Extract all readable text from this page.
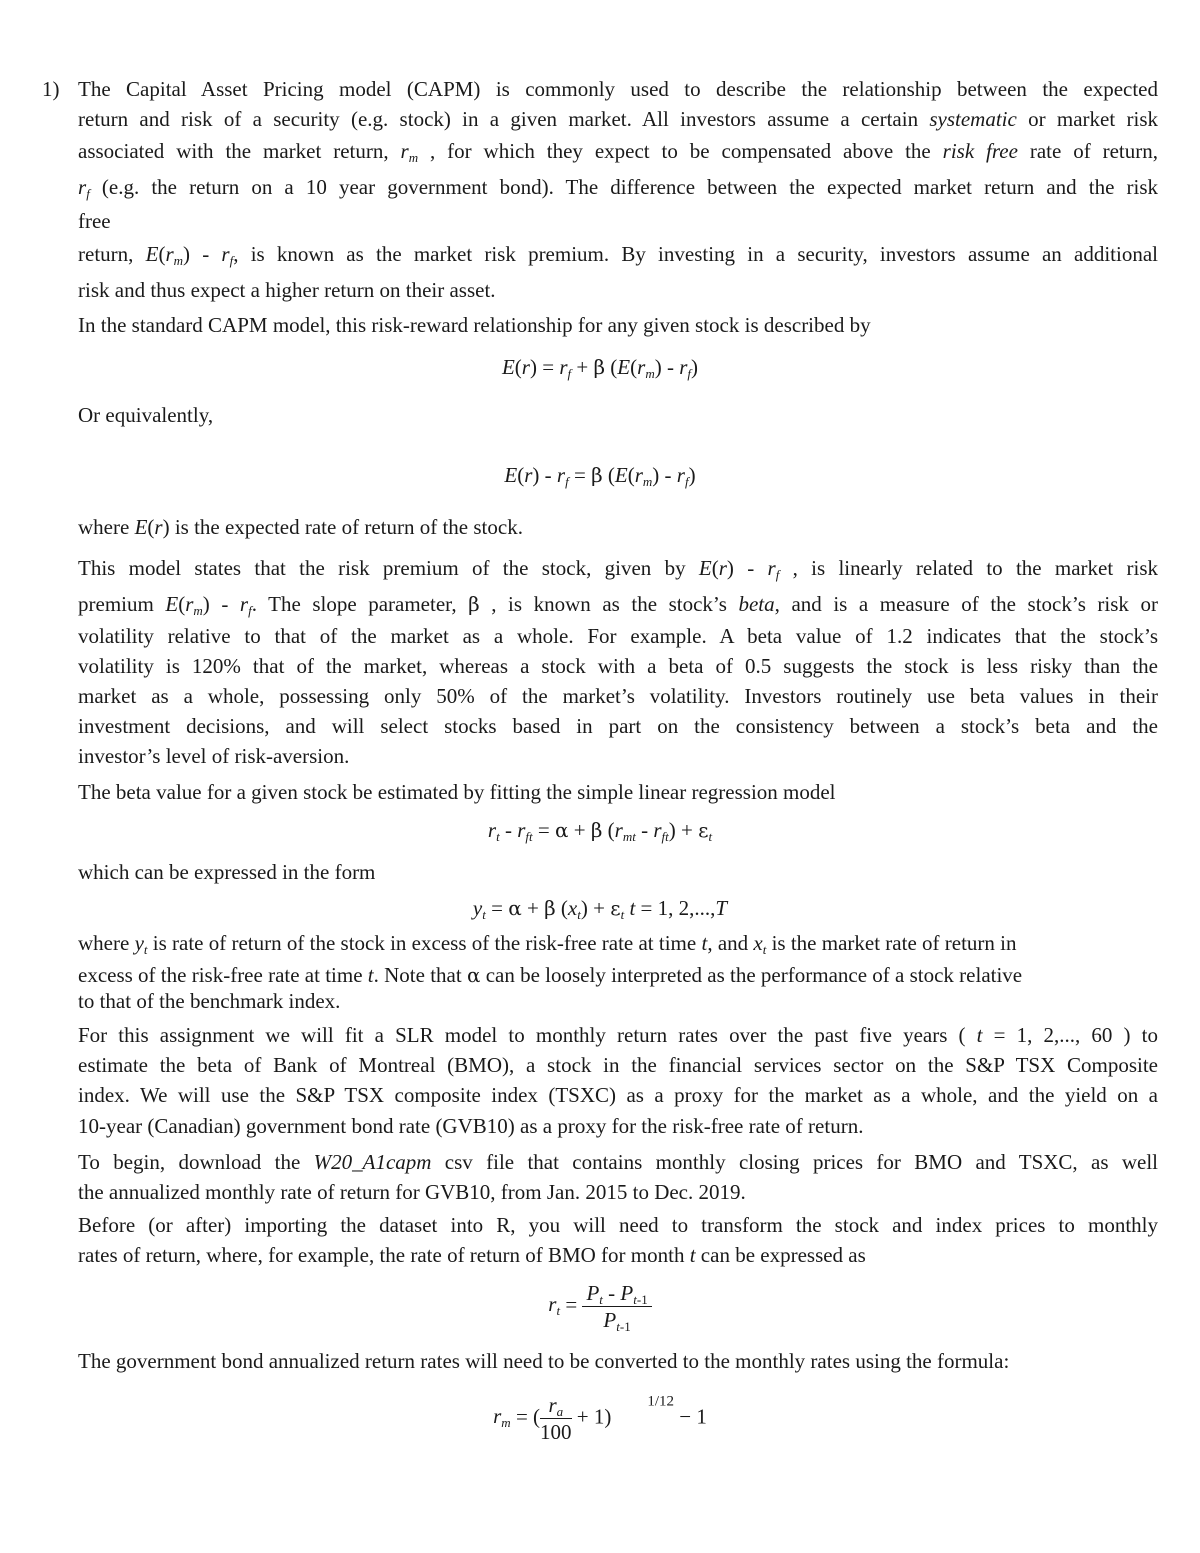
1) The Capital Asset Pricing model (CAPM) is commonly used to describe the relationship between the expected

return and risk of a security (e.g. stock) in a given market. All investors assume a certain systematic or market risk

associated with the market return, $r_m$ , for which they expect to be compensated above the risk free rate of return,

$r_f$ (e.g. the return on a 10 year government bond). The difference between the expected market return and the risk

free

return, $E(r_m) - r_f$, is known as the market risk premium. By investing in a security, investors assume an additional

risk and thus expect a higher return on their asset.

In the standard CAPM model, this risk-reward relationship for any given stock is described by

$E(r) = r_f + \beta$ $(E(r_m) - r_f)$

Or equivalently,

$E(r) - r_f = \beta$ $(E(r_m) - r_f)$

where E(r) is the expected rate of return of the stock.

This model states that the risk premium of the stock, given by $E(r) - r_f$ , is linearly related to the market risk

premium $E(r_m) - r_f$. The slope parameter, β , is known as the stock’s beta, and is a measure of the stock’s risk or

volatility relative to that of the market as a whole. For example. A beta value of 1.2 indicates that the stock’s

volatility is 120% that of the market, whereas a stock with a beta of 0.5 suggests the stock is less risky than the

market as a whole, possessing only 50% of the market’s volatility. Investors routinely use beta values in their

investment decisions, and will select stocks based in part on the consistency between a stock’s beta and the

investor’s level of risk-aversion.

The beta value for a given stock be estimated by fitting the simple linear regression model

$r_t - r_{ft} = \alpha + \beta$ $(r_{mt} - r_{ft}) + \varepsilon_t$

which can be expressed in the form

$y_t = \alpha + \beta$ $(x_t) + \varepsilon_t$ t = 1, 2,...,T

where $y_t$ is rate of return of the stock in excess of the risk-free rate at time t, and $x_t$ is the market rate of return in

excess of the risk-free rate at time t. Note that α can be loosely interpreted as the performance of a stock relative

to that of the benchmark index.

For this assignment we will fit a SLR model to monthly return rates over the past five years ( t = 1, 2,..., 60 ) to

estimate the beta of Bank of Montreal (BMO), a stock in the financial services sector on the S&P TSX Composite

index. We will use the S&P TSX composite index (TSXC) as a proxy for the market as a whole, and the yield on a

10-year (Canadian) government bond rate (GVB10) as a proxy for the risk-free rate of return.

To begin, download the W20_A1capm csv file that contains monthly closing prices for BMO and TSXC, as well

the annualized monthly rate of return for GVB10, from Jan. 2015 to Dec. 2019.

Before (or after) importing the dataset into R, you will need to transform the stock and index prices to monthly

rates of return, where, for example, the rate of return of BMO for month t can be expressed as

$r_t = \frac{P_t - P_{t-1}}{P_{t-1}}$

The government bond annualized return rates will need to be converted to the monthly rates using the formula:

$r_m$ = ( $\frac{r_a}{100} + 1)^{1/12} - 1$
